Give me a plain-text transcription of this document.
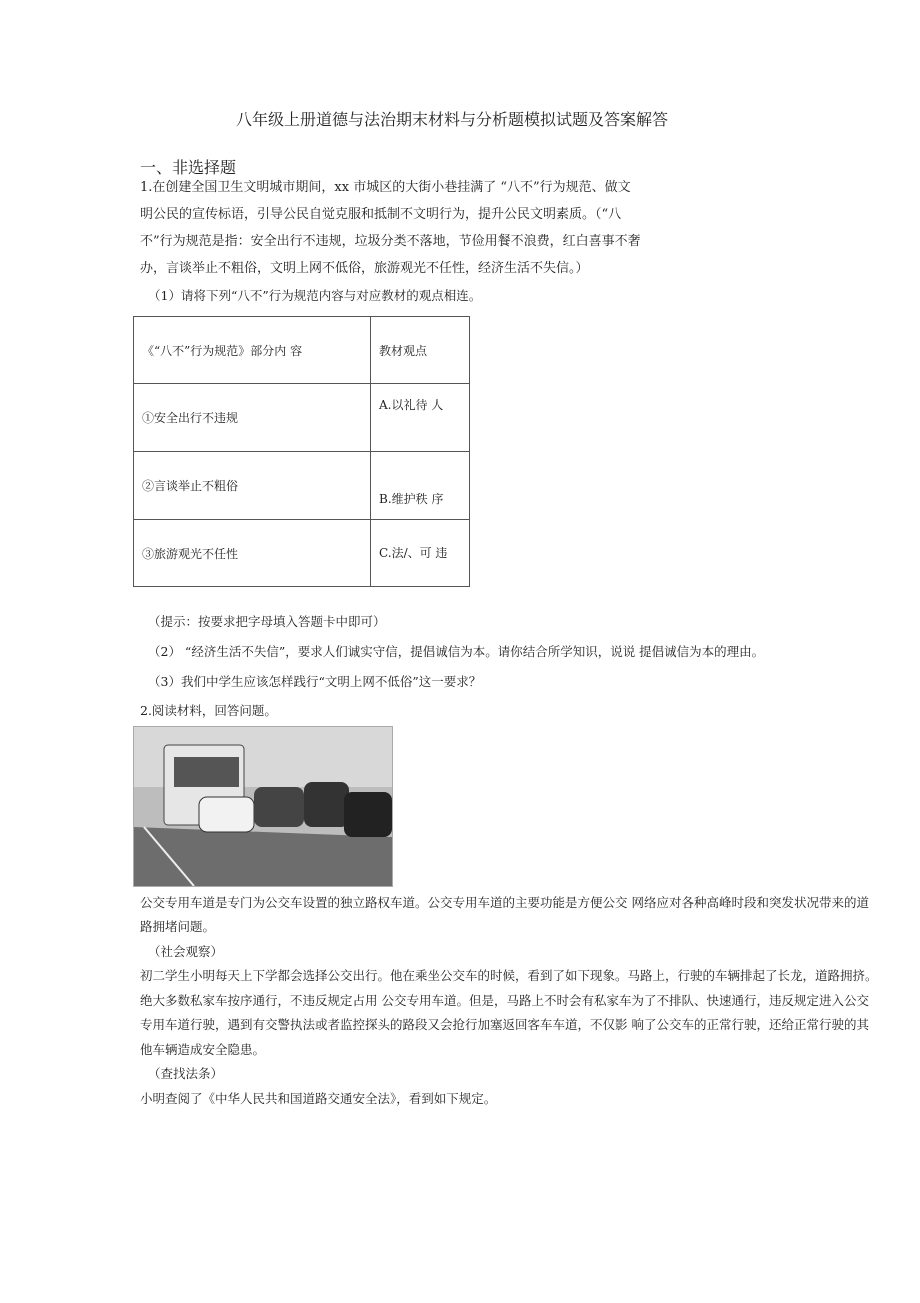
八年级上册道德与法治期末材料与分析题模拟试题及答案解答
一、非选择题
1.在创建全国卫生文明城市期间，xx 市城区的大街小巷挂满了 “八不”行为规范、做文
明公民的宣传标语，引导公民自觉克服和抵制不文明行为，提升公民文明素质。（“八
不”行为规范是指：安全出行不违规，垃圾分类不落地，节俭用餐不浪费，红白喜事不奢
办，言谈举止不粗俗，文明上网不低俗，旅游观光不任性，经济生活不失信。）
（1）请将下列“八不”行为规范内容与对应教材的观点相连。
《“八不”行为规范》部分内 容	教材观点
①安全出行不违规	A.以礼待 人
②言谈举止不粗俗	B.维护秩 序
③旅游观光不任性	C.法/、可 违
（提示：按要求把字母填入答题卡中即可）
（2） “经济生活不失信”，要求人们诚实守信，提倡诚信为本。请你结合所学知识，说说 提倡诚信为本的理由。
（3）我们中学生应该怎样践行“文明上网不低俗”这一要求？
2.阅读材料，回答问题。
公交专用车道是专门为公交车设置的独立路权车道。公交专用车道的主要功能是方便公交 网络应对各种高峰时段和突发状况带来的道
路拥堵问题。
（社会观察）
初二学生小明每天上下学都会选择公交出行。他在乘坐公交车的时候，看到了如下现象。马路上，行驶的车辆排起了长龙，道路拥挤。
绝大多数私家车按序通行，不违反规定占用 公交专用车道。但是，马路上不时会有私家车为了不排队、快速通行，违反规定进入公交
专用车道行驶，遇到有交警执法或者监控探头的路段又会抢行加塞返回客车车道，不仅影 响了公交车的正常行驶，还给正常行驶的其
他车辆造成安全隐患。
（查找法条）
小明查阅了《中华人民共和国道路交通安全法》，看到如下规定。
